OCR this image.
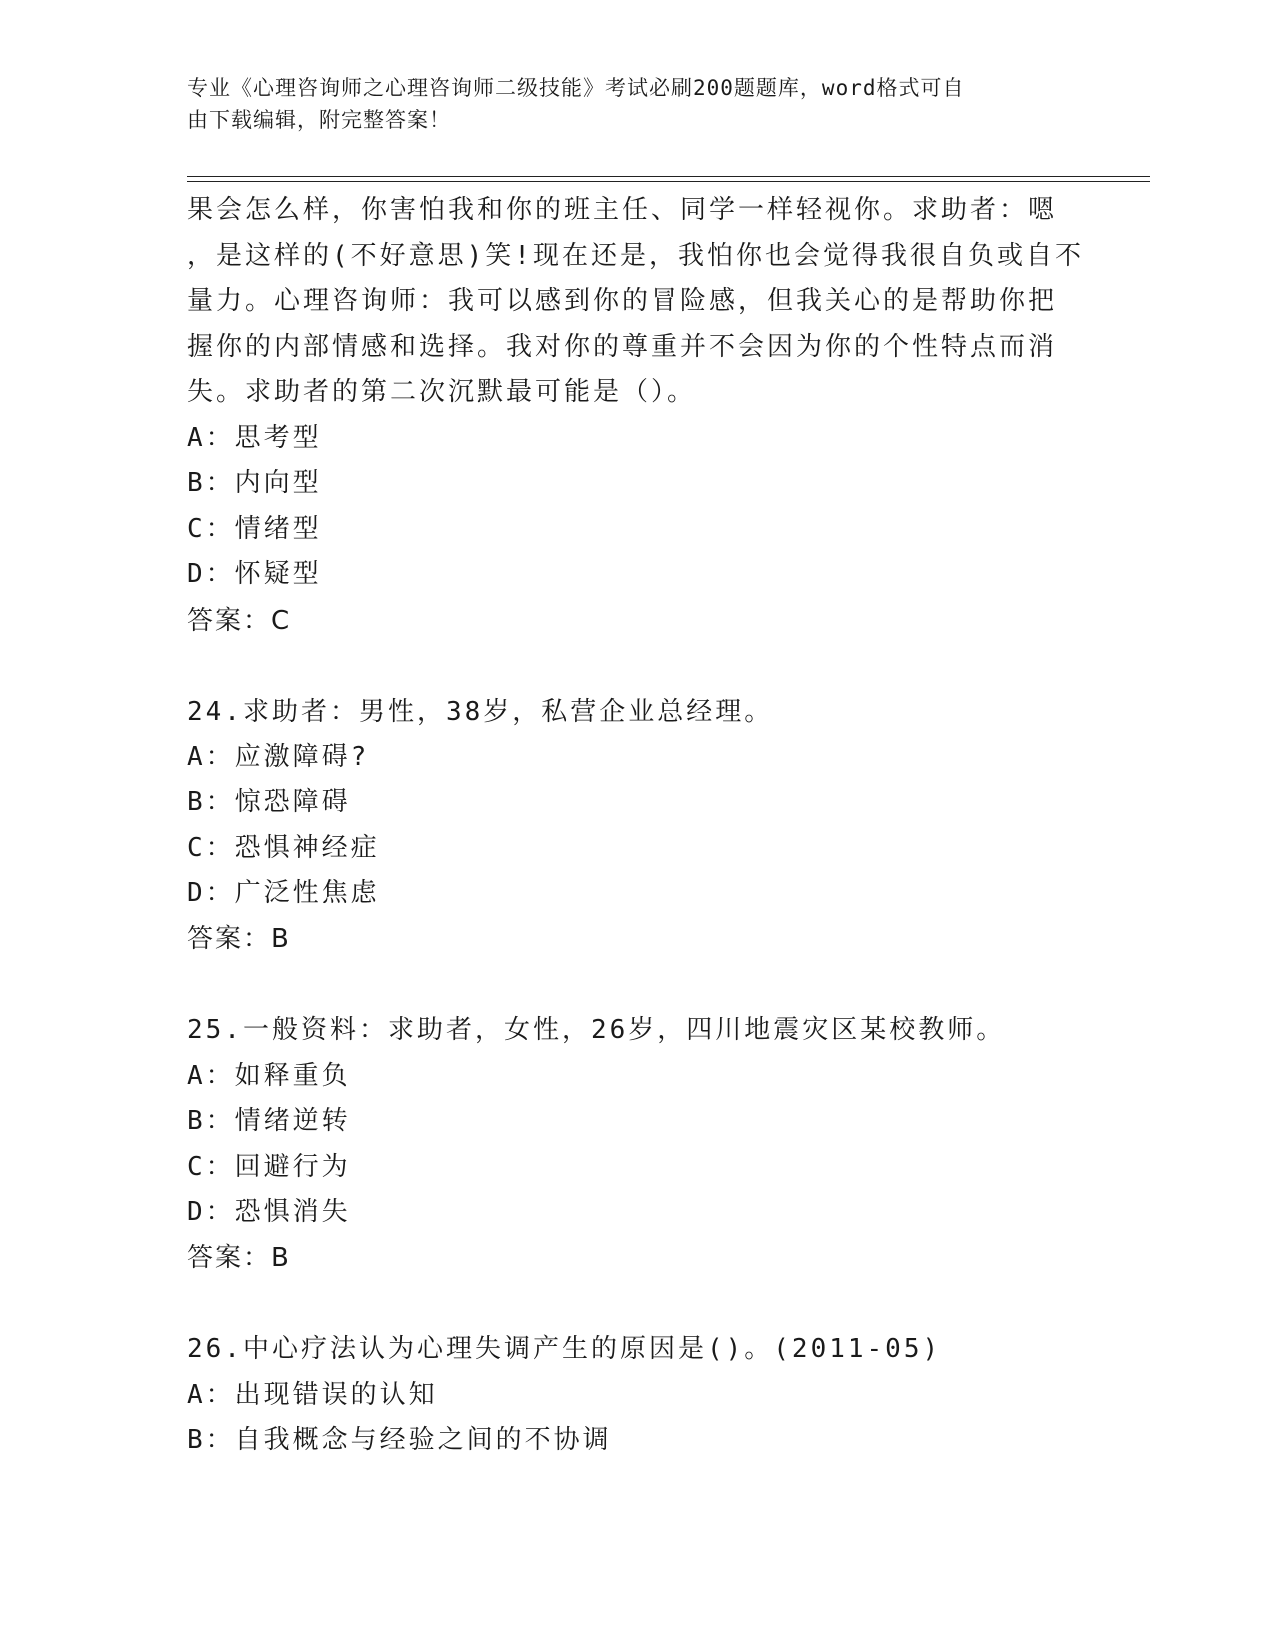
专业《心理咨询师之心理咨询师二级技能》考试必刷200题题库，word格式可自
由下载编辑，附完整答案！
果会怎么样，你害怕我和你的班主任、同学一样轻视你。求助者：嗯
，是这样的(不好意思)笑!现在还是，我怕你也会觉得我很自负或自不
量力。心理咨询师：我可以感到你的冒险感，但我关心的是帮助你把
握你的内部情感和选择。我对你的尊重并不会因为你的个性特点而消
失。求助者的第二次沉默最可能是（）。
A：思考型
B：内向型
C：情绪型
D：怀疑型
答案：C
24.求助者：男性，38岁，私营企业总经理。
A：应激障碍?
B：惊恐障碍
C：恐惧神经症
D：广泛性焦虑
答案：B
25.一般资料：求助者，女性，26岁，四川地震灾区某校教师。
A：如释重负
B：情绪逆转
C：回避行为
D：恐惧消失
答案：B
26.中心疗法认为心理失调产生的原因是()。(2011-05)
A：出现错误的认知
B：自我概念与经验之间的不协调
